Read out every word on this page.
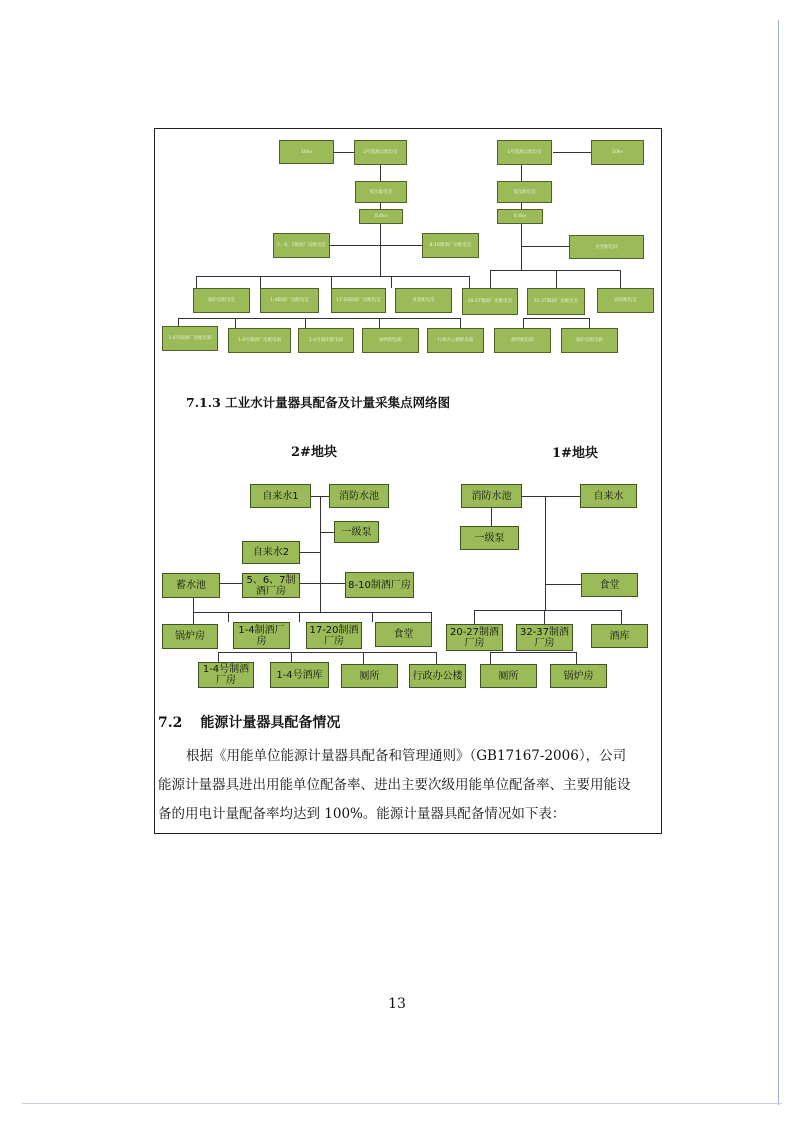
10kv	2号能源总配电室
低压配电室
0.4kv
5、6、7制酒厂房配电室	8-10制酒厂房配电室
锅炉房配电室	1-4制酒厂房配电室	17-20制酒厂房配电室	食堂配电室
1-4号制酒厂房配电箱	1-4号制酒厂房配电间	1-4号酒库配电箱	厕所配电箱	行政办公楼配电箱
1号能源总配电室	10kv
低压配电室
0.4kv
食堂配电间
20-27制酒厂房配电室	32-37制酒厂房配电室	酒库配电室
厕所配电箱	锅炉房配电箱
7.1.3 工业水计量器具配备及计量采集点网络图
2#地块	1#地块
自来水1	消防水池
一级泵
自来水2
蓄水池	5、6、7制酒厂房
8-10制酒厂房
锅炉房
1-4制酒厂房
17-20制酒厂房
食堂
1-4号制酒厂房	1-4号酒库	厕所	行政办公楼
消防水池	自来水
一级泵
食堂
20-27制酒厂房
32-37制酒厂房
酒库
厕所	锅炉房
7.2 能源计量器具配备情况
根据《用能单位能源计量器具配备和管理通则》（GB17167-2006），公司
能源计量器具进出用能单位配备率、进出主要次级用能单位配备率、主要用能设
备的用电计量配备率均达到 100%。能源计量器具配备情况如下表：
13
